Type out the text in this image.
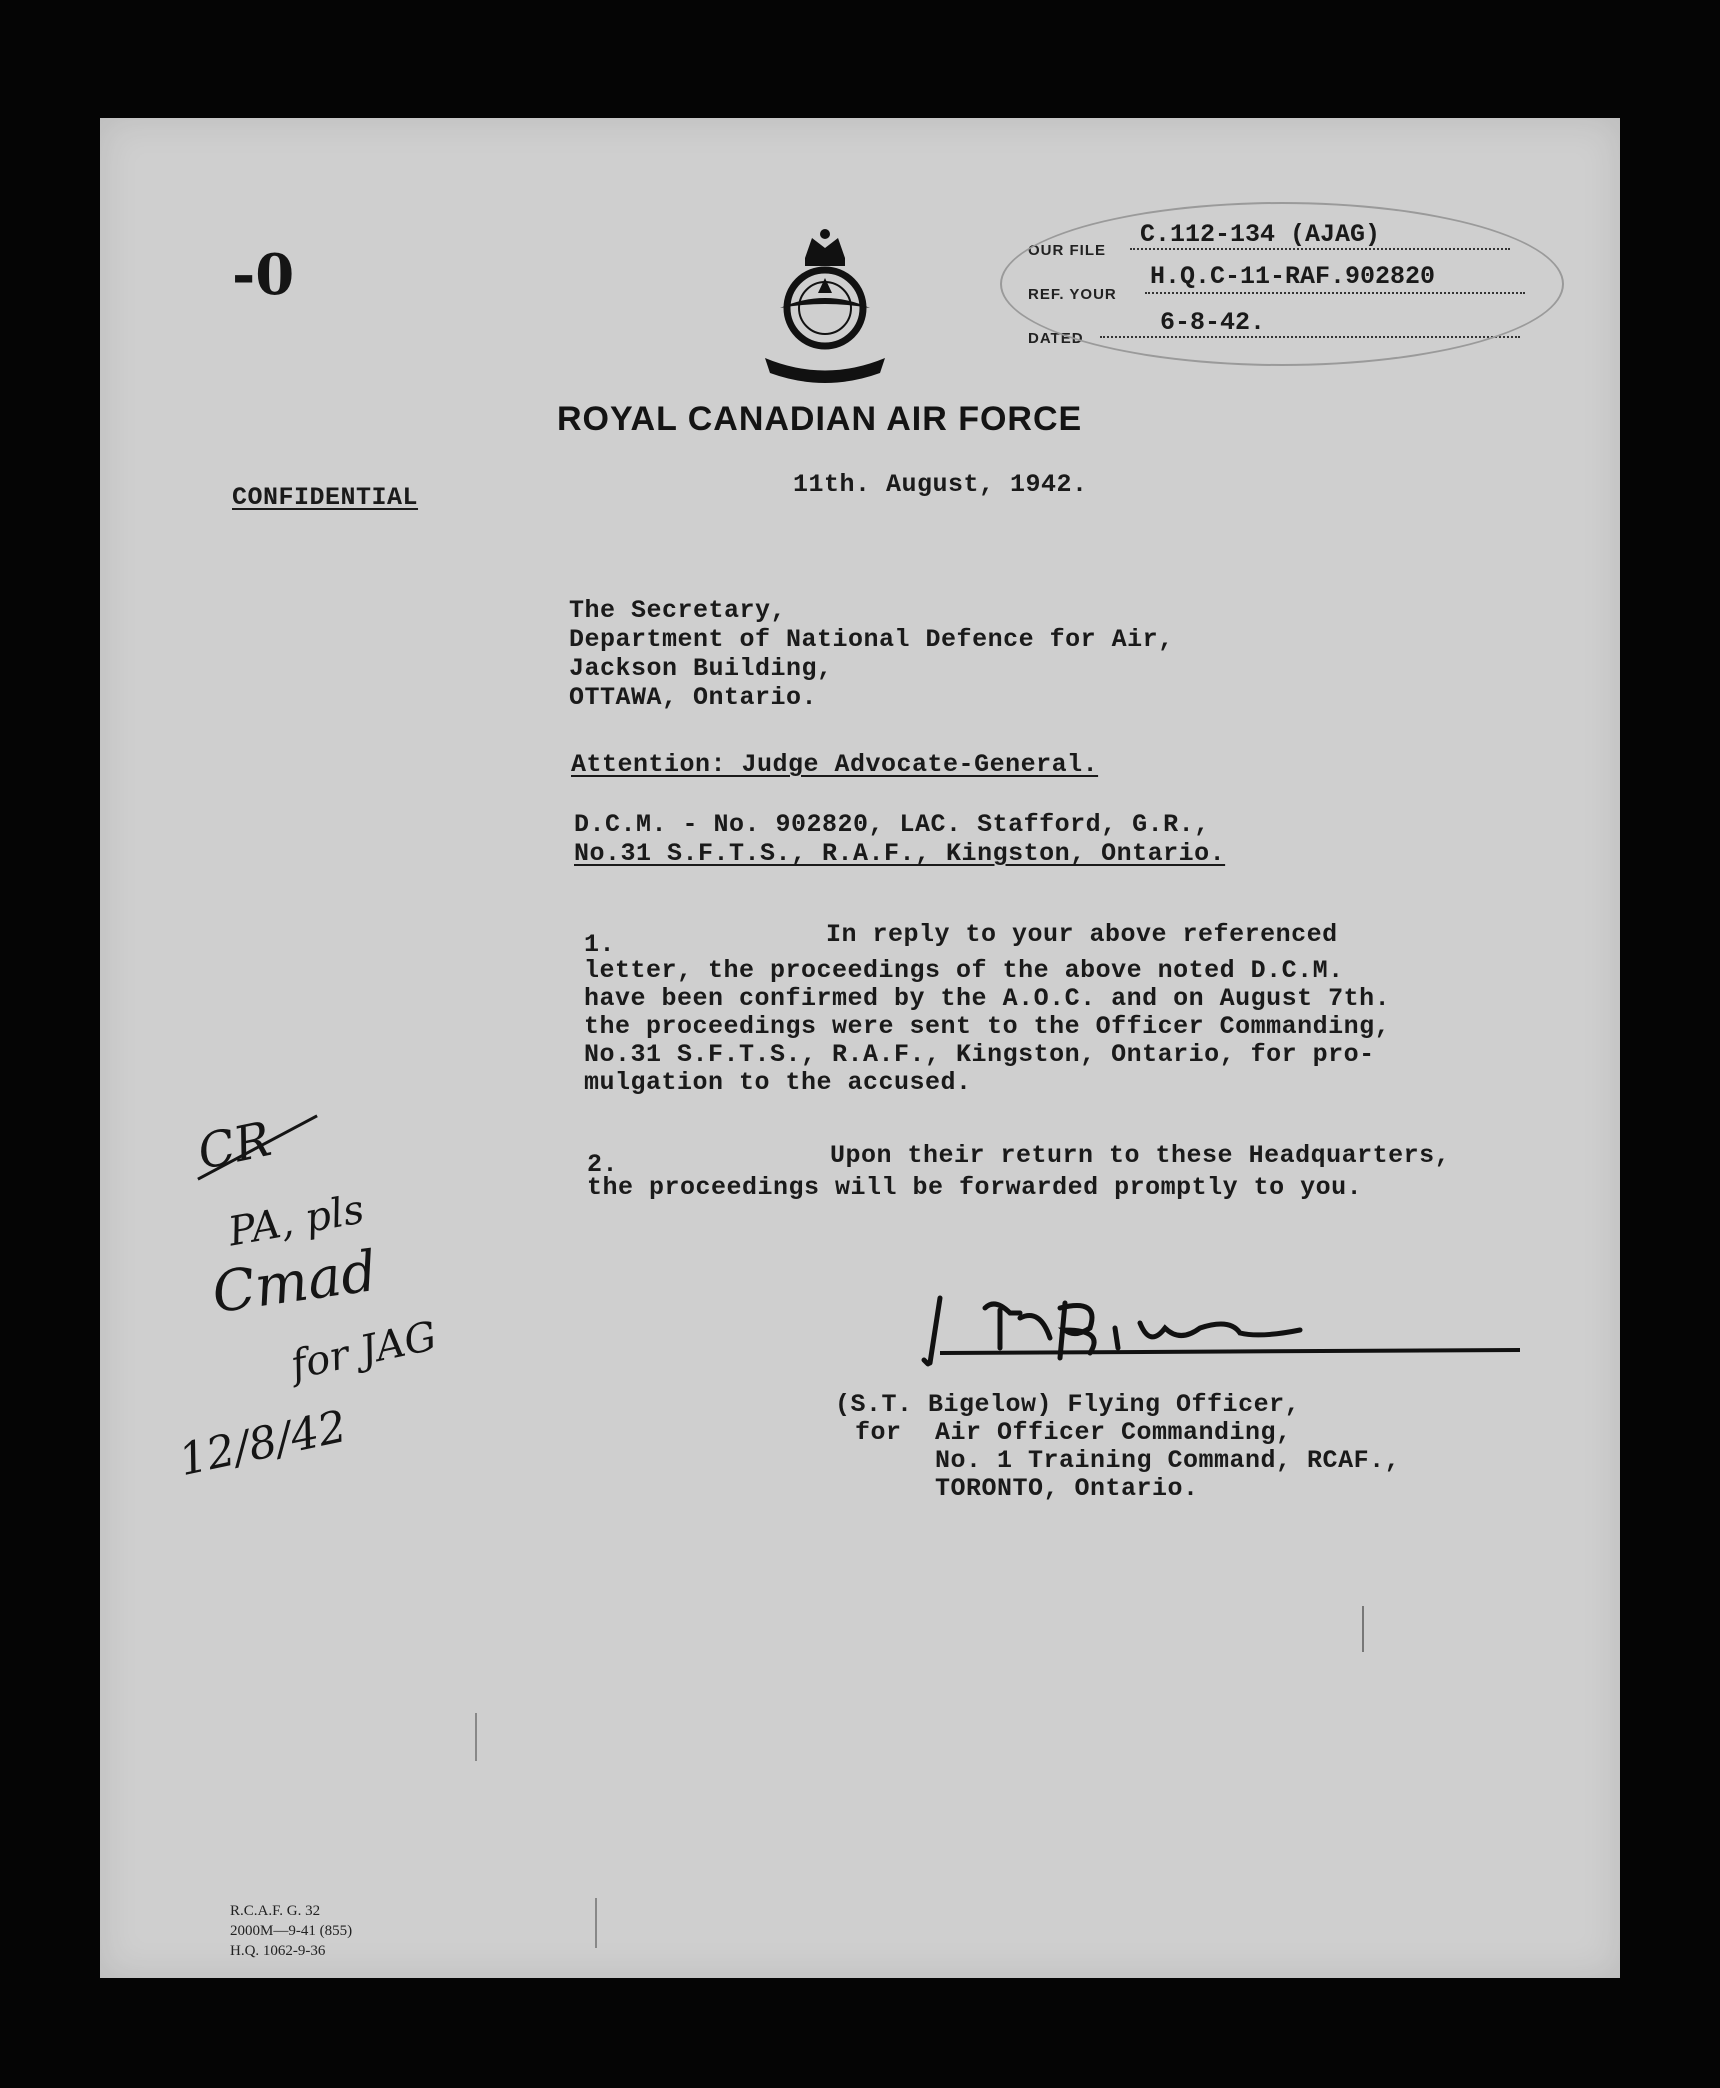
OUR FILE
C.112-134 (AJAG)
REF. YOUR
H.Q.C-11-RAF.902820
DATED
6-8-42.
-0
ROYAL CANADIAN AIR FORCE
CONFIDENTIAL	11th. August, 1942.
The Secretary,
Department of National Defence for Air,
Jackson Building,
OTTAWA, Ontario.
Attention: Judge Advocate-General.
D.C.M. - No. 902820, LAC. Stafford, G.R.,
No.31 S.F.T.S., R.A.F., Kingston, Ontario.
1.	In reply to your above referenced
letter, the proceedings of the above noted D.C.M.
have been confirmed by the A.O.C. and on August 7th.
the proceedings were sent to the Officer Commanding,
No.31 S.F.T.S., R.A.F., Kingston, Ontario, for pro-
mulgation to the accused.
2.	Upon their return to these Headquarters,
the proceedings will be forwarded promptly to you.
(S.T. Bigelow) Flying Officer,
for Air Officer Commanding,
No. 1 Training Command, RCAF.,
TORONTO, Ontario.
CR
PA, pls
Cmad
for JAG
12/8/42
R.C.A.F. G. 32
2000M—9-41 (855)
H.Q. 1062-9-36
